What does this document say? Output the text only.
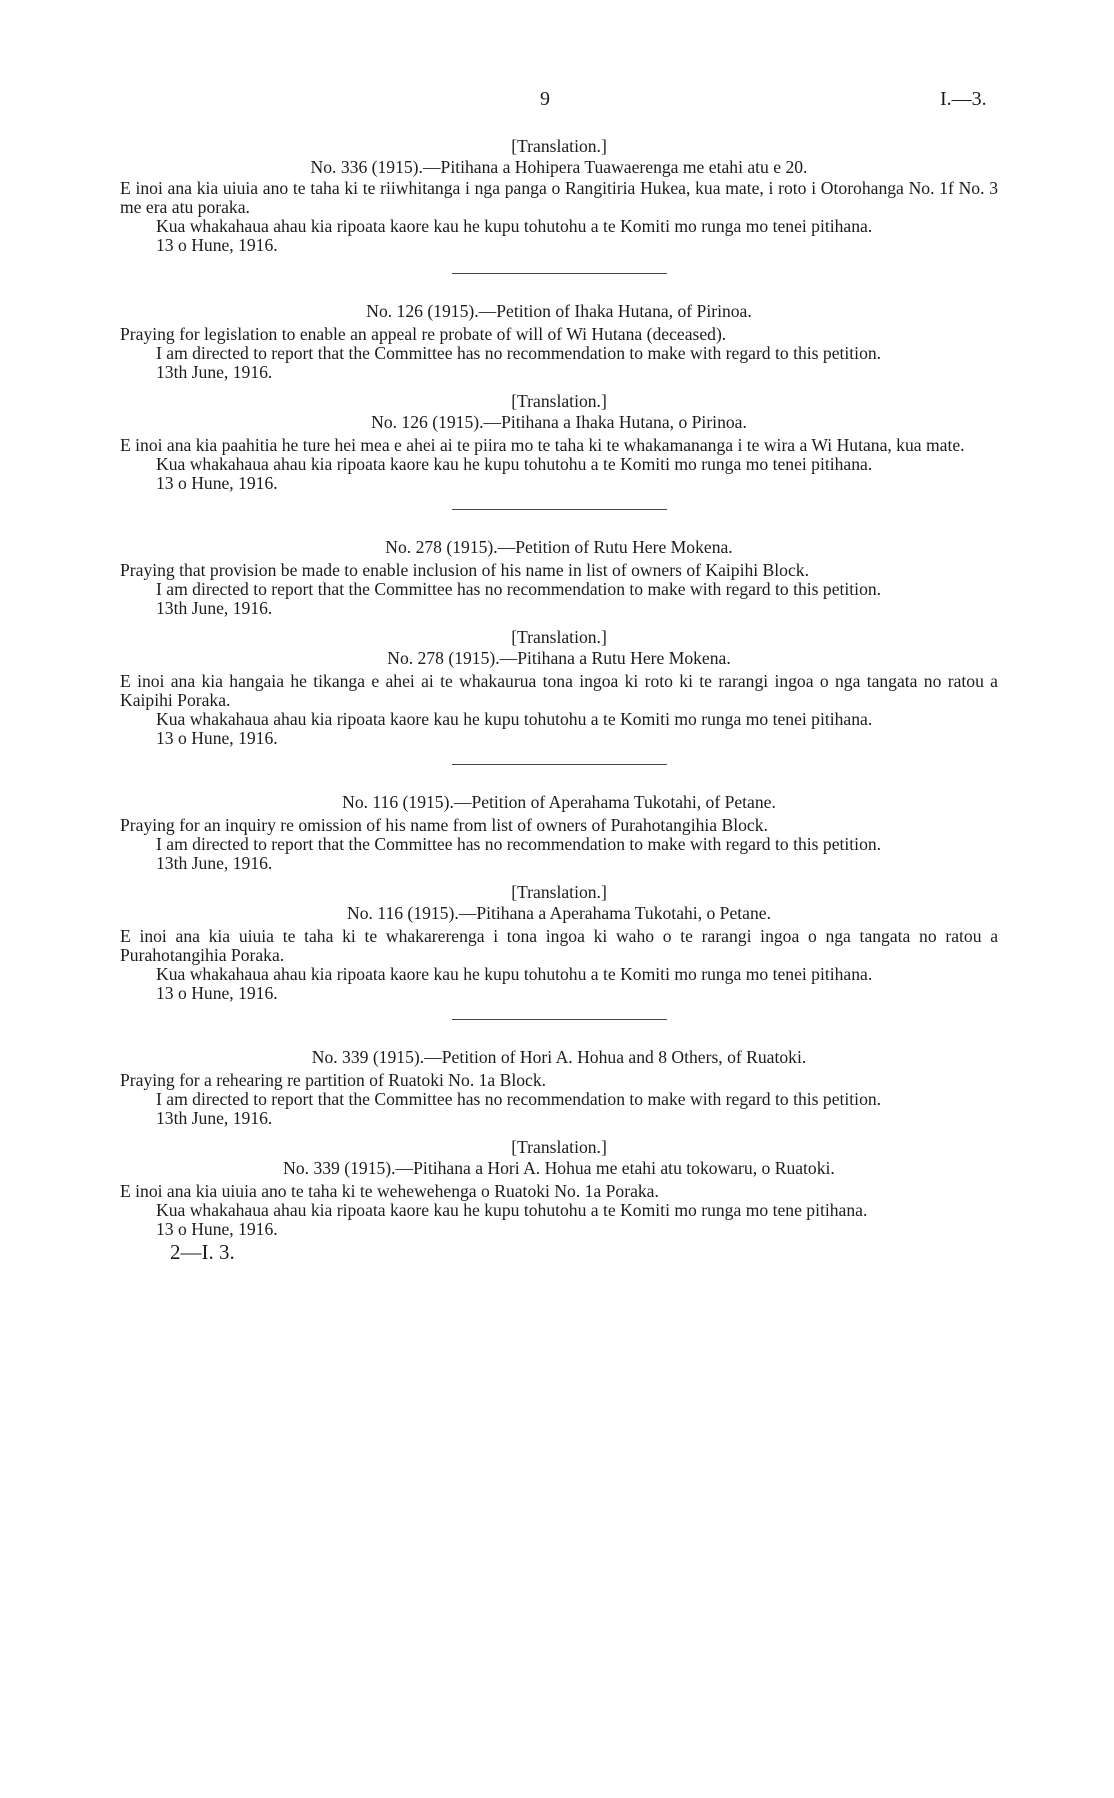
9	I.—3.

[Translation.]

No. 336 (1915).—Pitihana a Hohipera Tuawaerenga me etahi atu e 20.

E inoi ana kia uiuia ano te taha ki te riiwhitanga i nga panga o Rangitiria Hukea, kua mate, i roto i Otorohanga No. 1f No. 3 me era atu poraka.

Kua whakahaua ahau kia ripoata kaore kau he kupu tohutohu a te Komiti mo runga mo tenei pitihana.

13 o Hune, 1916.

No. 126 (1915).—Petition of Ihaka Hutana, of Pirinoa.

Praying for legislation to enable an appeal re probate of will of Wi Hutana (deceased).

I am directed to report that the Committee has no recommendation to make with regard to this petition.

13th June, 1916.

[Translation.]

No. 126 (1915).—Pitihana a Ihaka Hutana, o Pirinoa.

E inoi ana kia paahitia he ture hei mea e ahei ai te piira mo te taha ki te whakamananga i te wira a Wi Hutana, kua mate.

Kua whakahaua ahau kia ripoata kaore kau he kupu tohutohu a te Komiti mo runga mo tenei pitihana.

13 o Hune, 1916.

No. 278 (1915).—Petition of Rutu Here Mokena.

Praying that provision be made to enable inclusion of his name in list of owners of Kaipihi Block.

I am directed to report that the Committee has no recommendation to make with regard to this petition.

13th June, 1916.

[Translation.]

No. 278 (1915).—Pitihana a Rutu Here Mokena.

E inoi ana kia hangaia he tikanga e ahei ai te whakaurua tona ingoa ki roto ki te rarangi ingoa o nga tangata no ratou a Kaipihi Poraka.

Kua whakahaua ahau kia ripoata kaore kau he kupu tohutohu a te Komiti mo runga mo tenei pitihana.

13 o Hune, 1916.

No. 116 (1915).—Petition of Aperahama Tukotahi, of Petane.

Praying for an inquiry re omission of his name from list of owners of Purahotangihia Block.

I am directed to report that the Committee has no recommendation to make with regard to this petition.

13th June, 1916.

[Translation.]

No. 116 (1915).—Pitihana a Aperahama Tukotahi, o Petane.

E inoi ana kia uiuia te taha ki te whakarerenga i tona ingoa ki waho o te rarangi ingoa o nga tangata no ratou a Purahotangihia Poraka.

Kua whakahaua ahau kia ripoata kaore kau he kupu tohutohu a te Komiti mo runga mo tenei pitihana.

13 o Hune, 1916.

No. 339 (1915).—Petition of Hori A. Hohua and 8 Others, of Ruatoki.

Praying for a rehearing re partition of Ruatoki No. 1a Block.

I am directed to report that the Committee has no recommendation to make with regard to this petition.

13th June, 1916.

[Translation.]

No. 339 (1915).—Pitihana a Hori A. Hohua me etahi atu tokowaru, o Ruatoki.

E inoi ana kia uiuia ano te taha ki te wehewehenga o Ruatoki No. 1a Poraka.

Kua whakahaua ahau kia ripoata kaore kau he kupu tohutohu a te Komiti mo runga mo tene pitihana.

13 o Hune, 1916.

2—I. 3.
